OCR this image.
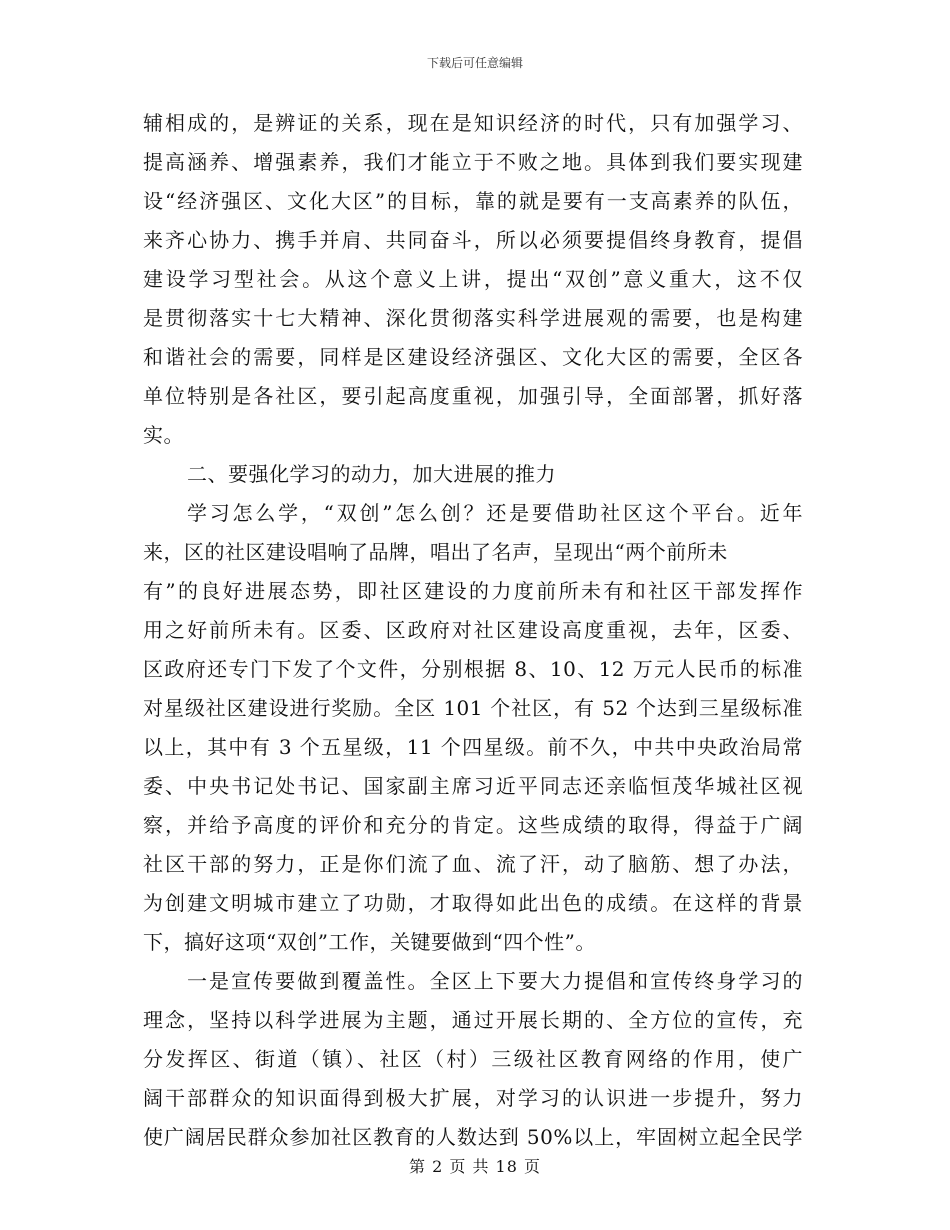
下载后可任意编辑
辅相成的，是辨证的关系，现在是知识经济的时代，只有加强学习、
提高涵养、增强素养，我们才能立于不败之地。具体到我们要实现建
设“经济强区、文化大区”的目标，靠的就是要有一支高素养的队伍，
来齐心协力、携手并肩、共同奋斗，所以必须要提倡终身教育，提倡
建设学习型社会。从这个意义上讲，提出“双创”意义重大，这不仅
是贯彻落实十七大精神、深化贯彻落实科学进展观的需要，也是构建
和谐社会的需要，同样是区建设经济强区、文化大区的需要，全区各
单位特别是各社区，要引起高度重视，加强引导，全面部署，抓好落
实。
二、要强化学习的动力，加大进展的推力
学习怎么学，“双创”怎么创？还是要借助社区这个平台。近年
来，区的社区建设唱响了品牌，唱出了名声，呈现出“两个前所未
有”的良好进展态势，即社区建设的力度前所未有和社区干部发挥作
用之好前所未有。区委、区政府对社区建设高度重视，去年，区委、
区政府还专门下发了个文件，分别根据 8、10、12 万元人民币的标准
对星级社区建设进行奖励。全区 101 个社区，有 52 个达到三星级标准
以上，其中有 3 个五星级，11 个四星级。前不久，中共中央政治局常
委、中央书记处书记、国家副主席习近平同志还亲临恒茂华城社区视
察，并给予高度的评价和充分的肯定。这些成绩的取得，得益于广阔
社区干部的努力，正是你们流了血、流了汗，动了脑筋、想了办法，
为创建文明城市建立了功勋，才取得如此出色的成绩。在这样的背景
下，搞好这项“双创”工作，关键要做到“四个性”。
一是宣传要做到覆盖性。全区上下要大力提倡和宣传终身学习的
理念，坚持以科学进展为主题，通过开展长期的、全方位的宣传，充
分发挥区、街道（镇）、社区（村）三级社区教育网络的作用，使广
阔干部群众的知识面得到极大扩展，对学习的认识进一步提升，努力
使广阔居民群众参加社区教育的人数达到 50%以上，牢固树立起全民学
第 2 页 共 18 页
